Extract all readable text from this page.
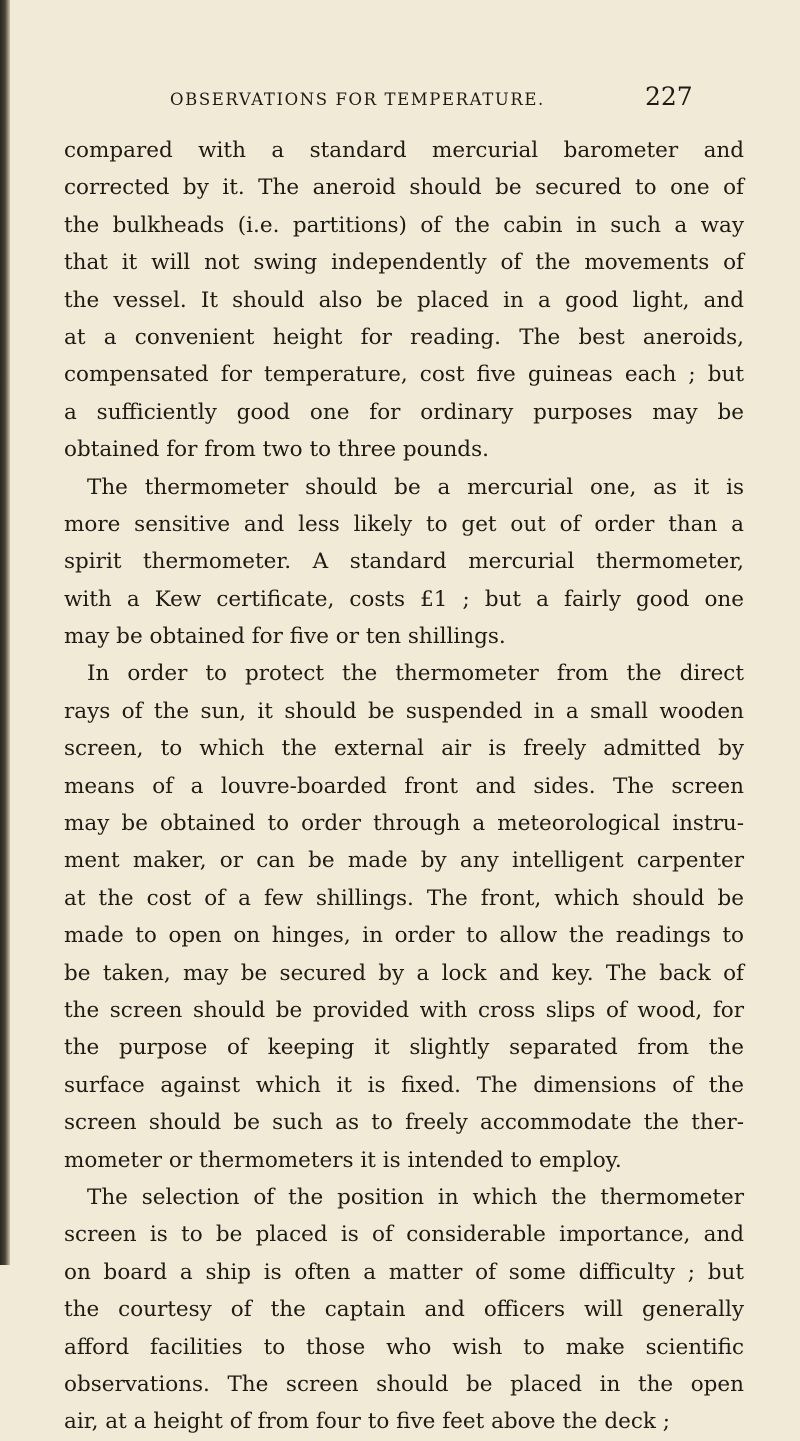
OBSERVATIONS FOR TEMPERATURE.	227
compared with a standard mercurial barometer and
corrected by it. The aneroid should be secured to one of
the bulkheads (i.e. partitions) of the cabin in such a way
that it will not swing independently of the movements of
the vessel. It should also be placed in a good light, and
at a convenient height for reading. The best aneroids,
compensated for temperature, cost five guineas each ; but
a sufficiently good one for ordinary purposes may be
obtained for from two to three pounds.
The thermometer should be a mercurial one, as it is
more sensitive and less likely to get out of order than a
spirit thermometer. A standard mercurial thermometer,
with a Kew certificate, costs £1 ; but a fairly good one
may be obtained for five or ten shillings.
In order to protect the thermometer from the direct
rays of the sun, it should be suspended in a small wooden
screen, to which the external air is freely admitted by
means of a louvre-boarded front and sides. The screen
may be obtained to order through a meteorological instru-
ment maker, or can be made by any intelligent carpenter
at the cost of a few shillings. The front, which should be
made to open on hinges, in order to allow the readings to
be taken, may be secured by a lock and key. The back of
the screen should be provided with cross slips of wood, for
the purpose of keeping it slightly separated from the
surface against which it is fixed. The dimensions of the
screen should be such as to freely accommodate the ther-
mometer or thermometers it is intended to employ.
The selection of the position in which the thermometer
screen is to be placed is of considerable importance, and
on board a ship is often a matter of some difficulty ; but
the courtesy of the captain and officers will generally
afford facilities to those who wish to make scientific
observations. The screen should be placed in the open
air, at a height of from four to five feet above the deck ;
